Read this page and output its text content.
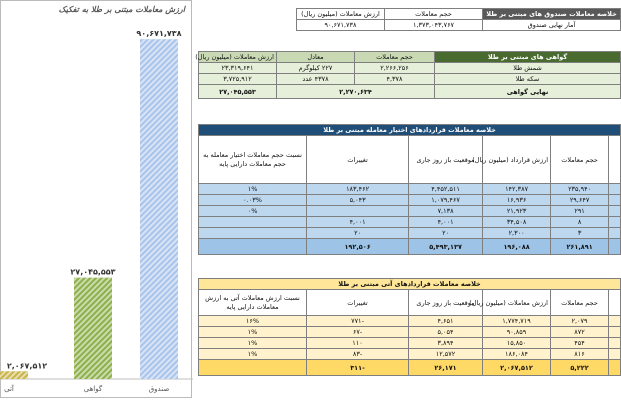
ارزش معاملات مبتنی بر طلا به تفکیک
۹۰,۶۷۱,۷۳۸
صندوق
۲۷,۰۴۵,۵۵۳
گواهی
۲,۰۶۷,۵۱۲
آتی
خلاصه معاملات صندوق های مبتنی بر طلا	حجم معاملات	ارزش معاملات (میلیون ریال)
آمار نهایی صندوق	۱,۳۷۳,۰۴۳,۷۶۷	۹۰,۶۷۱,۷۳۸
گواهی های مبتنی بر طلا	حجم معاملات	معادل	ارزش معاملات (میلیون ریال)
شمش طلا	۲,۲۶۶,۲۵۶	۲۲۷ کیلوگرم	۲۳,۳۱۹,۶۴۱
سکه طلا	۴,۳۷۸	۴۳۷۸ عدد	۳,۷۲۵,۹۱۲
نهایی گواهی	۲,۲۷۰,۶۳۴		۲۷,۰۴۵,۵۵۳
خلاصه معاملات قراردادهای اختیار معامله مبتنی بر طلا					
	حجم معاملات	ارزش قرارداد (میلیون ریال)	موقعیت باز روز جاری	تغییرات	نسبت حجم معاملات اختیار معامله به حجم معاملات دارایی پایه
	۲۳۵,۹۴۰	۱۴۲,۳۸۷	۴,۴۵۲,۵۱۱	۱۸۳,۴۶۲	۱%
	۲۹,۶۴۷	۱۶,۹۳۶	۱,۰۷۹,۴۶۷	۵,۰۴۳	۰.۰۳%
	۲۹۱	۲۱,۹۲۳	۷,۱۳۸		۰%
	۸	۳۴,۵۰۸	۴,۰۰۱	۴,۰۰۱	
	۳	۲,۳۰۰	۲۰	۲۰	
	۲۶۱,۸۹۱	۱۹۶,۰۸۸	۵,۴۹۳,۱۳۷	۱۹۲,۵۰۶	
خلاصه معاملات قراردادهای آتی مبتنی بر طلا					
	حجم معاملات	ارزش معاملات (میلیون ریال)	موقعیت باز روز جاری	تغییرات	نسبت ارزش معاملات آتی به ارزش معاملات دارایی پایه
	۲,۰۷۹	۱,۷۷۴,۷۱۹	۴,۶۵۱	-۷۷۱	۱۶%
	۸۷۲	۹۰,۸۵۹	۵,۰۵۴	-۶۷	۱%
	۴۵۴	۱۵,۸۵۰	۳,۸۹۴	۱۱۰	۱%
	۸۱۶	۱۸۶,۰۸۴	۱۲,۵۷۲	-۸۳	۱%
	۵,۲۲۲	۲,۰۶۷,۵۱۲	۲۶,۱۷۱	-۳۱۱	
